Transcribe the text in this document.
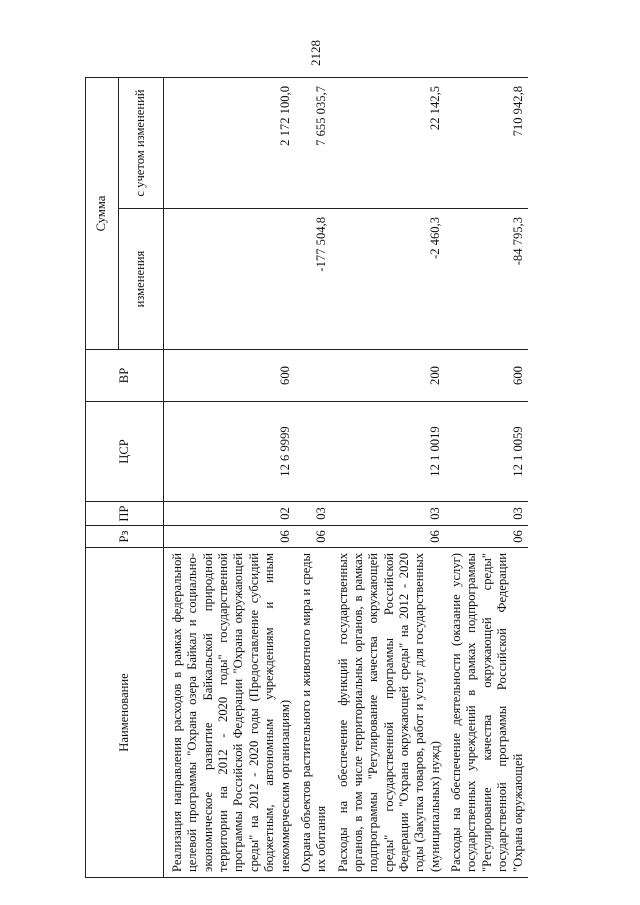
2128
Наименование	Рз	ПР	ЦСР	ВР	Сумма	
					изменения	с учетом изменений
Реализация направления расходов в рамках федеральной целевой программы "Охрана озера Байкал и социально-экономическое развитие Байкальской природной территории на 2012 - 2020 годы" государственной программы Российской Федерации "Охрана окружающей среды" на 2012 - 2020 годы (Предоставление субсидий бюджетным, автономным учреждениям и иным некоммерческим организациям)	06	02	12 6 9999	600		2 172 100,0
Охрана объектов растительного и животного мира и среды их обитания	06	03			-177 504,8	7 655 035,7
Расходы на обеспечение функций государственных органов, в том числе территориальных органов, в рамках подпрограммы "Регулирование качества окружающей среды" государственной программы Российской Федерации "Охрана окружающей среды" на 2012 - 2020 годы (Закупка товаров, работ и услуг для государственных (муниципальных) нужд)	06	03	12 1 0019	200	-2 460,3	22 142,5
Расходы на обеспечение деятельности (оказание услуг) государственных учреждений в рамках подпрограммы "Регулирование качества окружающей среды" государственной программы Российской Федерации "Охрана окружающей	06	03	12 1 0059	600	-84 795,3	710 942,8
